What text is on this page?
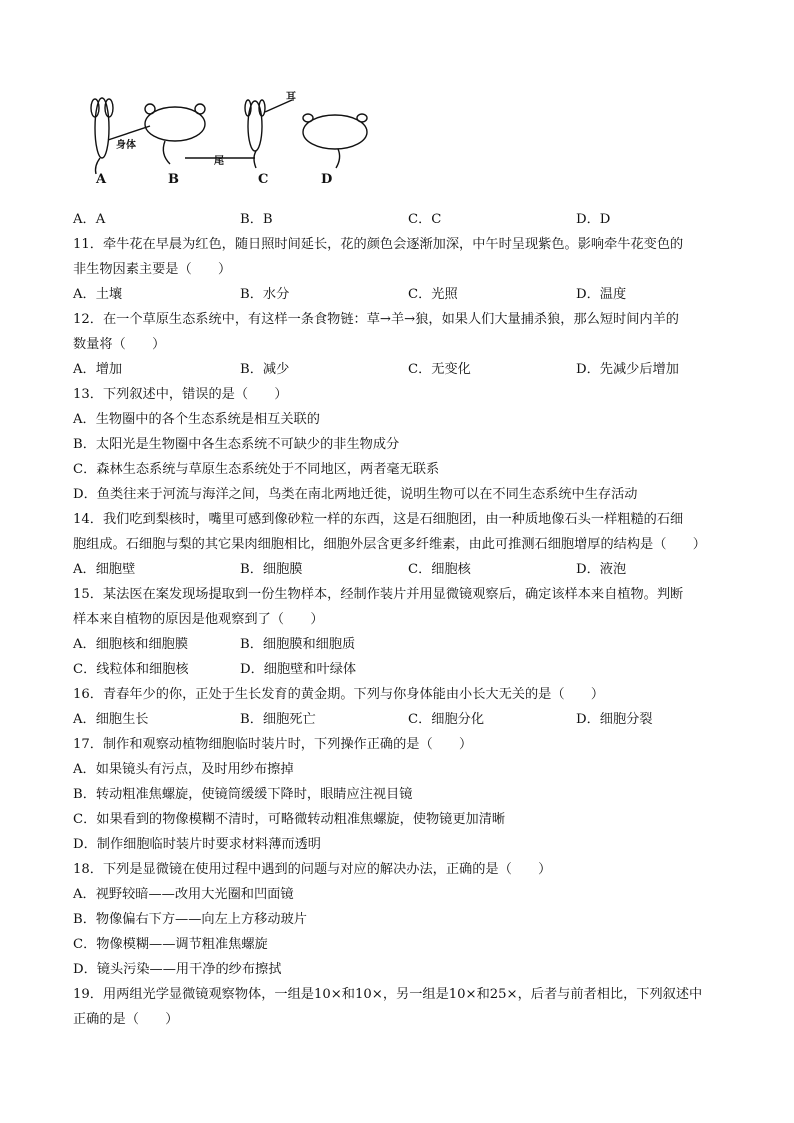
A	B	C	D
身体
尾
耳
A．A	B．B	C．C	D．D
11．牵牛花在早晨为红色，随日照时间延长，花的颜色会逐渐加深，中午时呈现紫色。影响牵牛花变色的
非生物因素主要是（　　）
A．土壤	B．水分	C．光照	D．温度
12．在一个草原生态系统中，有这样一条食物链：草→羊→狼，如果人们大量捕杀狼，那么短时间内羊的
数量将（　　）
A．增加	B．减少	C．无变化	D．先减少后增加
13．下列叙述中，错误的是（　　）
A．生物圈中的各个生态系统是相互关联的
B．太阳光是生物圈中各生态系统不可缺少的非生物成分
C．森林生态系统与草原生态系统处于不同地区，两者毫无联系
D．鱼类往来于河流与海洋之间，鸟类在南北两地迁徙，说明生物可以在不同生态系统中生存活动
14．我们吃到梨核时，嘴里可感到像砂粒一样的东西，这是石细胞团，由一种质地像石头一样粗糙的石细
胞组成。石细胞与梨的其它果肉细胞相比，细胞外层含更多纤维素，由此可推测石细胞增厚的结构是（　　）
A．细胞壁	B．细胞膜	C．细胞核	D．液泡
15．某法医在案发现场提取到一份生物样本，经制作装片并用显微镜观察后，确定该样本来自植物。判断
样本来自植物的原因是他观察到了（　　）
A．细胞核和细胞膜	B．细胞膜和细胞质
C．线粒体和细胞核	D．细胞壁和叶绿体
16．青春年少的你，正处于生长发育的黄金期。下列与你身体能由小长大无关的是（　　）
A．细胞生长	B．细胞死亡	C．细胞分化	D．细胞分裂
17．制作和观察动植物细胞临时装片时，下列操作正确的是（　　）
A．如果镜头有污点，及时用纱布擦掉
B．转动粗准焦螺旋，使镜筒缓缓下降时，眼睛应注视目镜
C．如果看到的物像模糊不清时，可略微转动粗准焦螺旋，使物镜更加清晰
D．制作细胞临时装片时要求材料薄而透明
18．下列是显微镜在使用过程中遇到的问题与对应的解决办法，正确的是（　　）
A．视野较暗——改用大光圈和凹面镜
B．物像偏右下方——向左上方移动玻片
C．物像模糊——调节粗准焦螺旋
D．镜头污染——用干净的纱布擦拭
19．用两组光学显微镜观察物体，一组是10×和10×，另一组是10×和25×，后者与前者相比，下列叙述中
正确的是（　　）
